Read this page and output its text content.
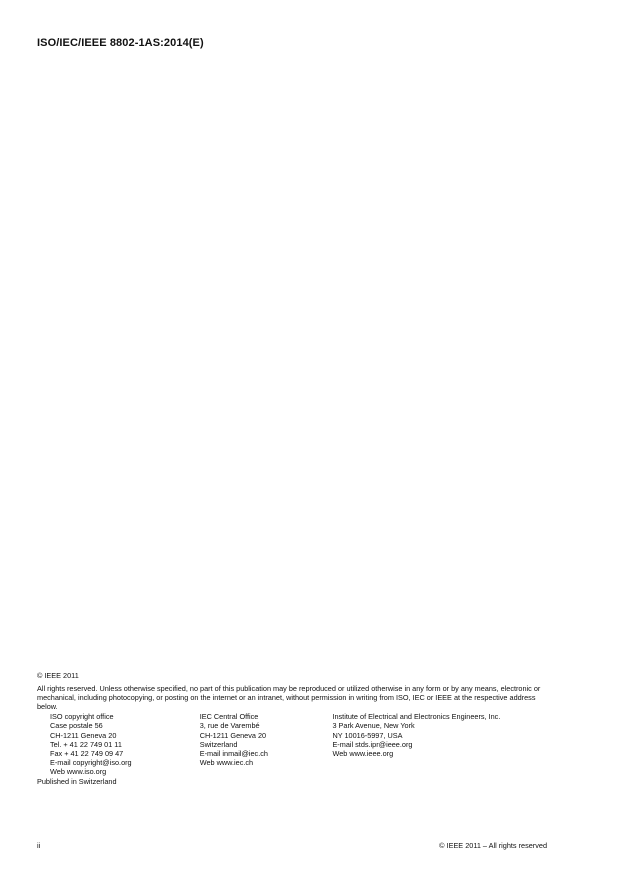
ISO/IEC/IEEE 8802-1AS:2014(E)
© IEEE 2011

All rights reserved. Unless otherwise specified, no part of this publication may be reproduced or utilized otherwise in any form or by any means, electronic or mechanical, including photocopying, or posting on the internet or an intranet, without permission in writing from ISO, IEC or IEEE at the respective address below.

ISO copyright office
Case postale 56
CH-1211 Geneva 20
Tel. + 41 22 749 01 11
Fax + 41 22 749 09 47
E-mail copyright@iso.org
Web www.iso.org
IEC Central Office
3, rue de Varembé
CH-1211 Geneva 20
Switzerland
E-mail inmail@iec.ch
Web www.iec.ch
Institute of Electrical and Electronics Engineers, Inc.
3 Park Avenue, New York
NY 10016-5997, USA
E-mail stds.ipr@ieee.org
Web www.ieee.org
Published in Switzerland
ii	© IEEE 2011 – All rights reserved
